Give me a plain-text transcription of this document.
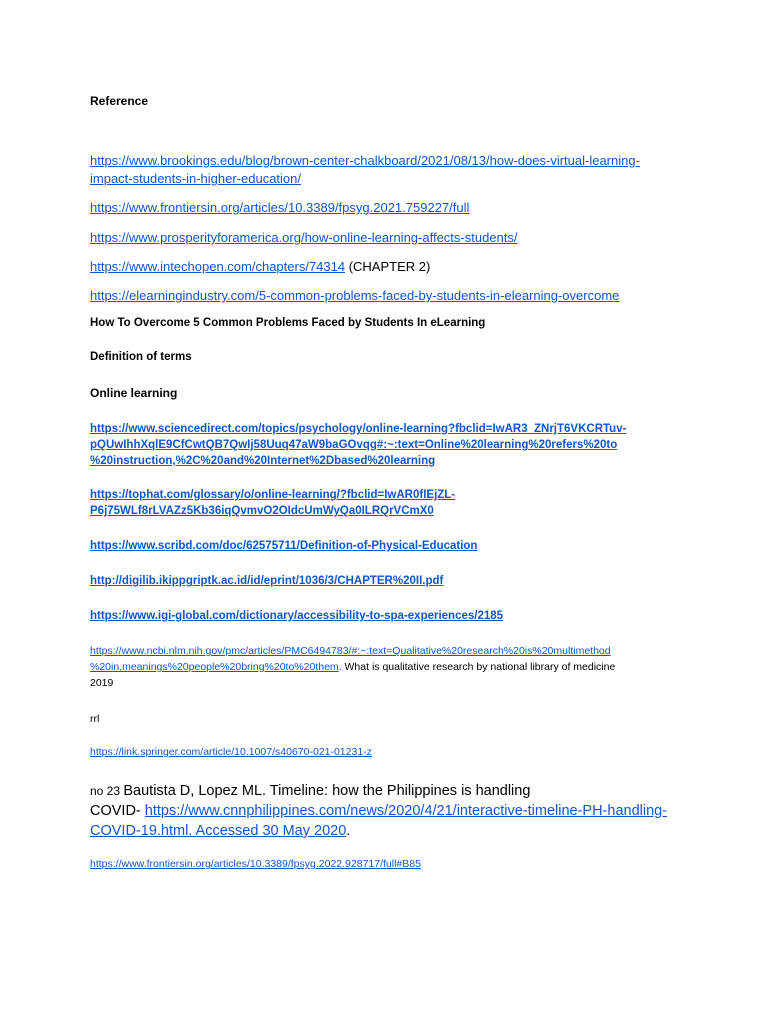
Reference
https://www.brookings.edu/blog/brown-center-chalkboard/2021/08/13/how-does-virtual-learning-
impact-students-in-higher-education/
https://www.frontiersin.org/articles/10.3389/fpsyg.2021.759227/full
https://www.prosperityforamerica.org/how-online-learning-affects-students/
https://www.intechopen.com/chapters/74314 (CHAPTER 2)
https://elearningindustry.com/5-common-problems-faced-by-students-in-elearning-overcome
How To Overcome 5 Common Problems Faced by Students In eLearning
Definition of terms
Online learning
https://www.sciencedirect.com/topics/psychology/online-learning?fbclid=IwAR3_ZNrjT6VKCRTuv-
pQUwIhhXqlE9CfCwtQB7QwIj58Uuq47aW9baGOvqg#:~:text=Online%20learning%20refers%20to
%20instruction,%2C%20and%20Internet%2Dbased%20learning
https://tophat.com/glossary/o/online-learning/?fbclid=IwAR0fIEjZL-
P6j75WLf8rLVAZz5Kb36iqQvmvO2OIdcUmWyQa0ILRQrVCmX0
https://www.scribd.com/doc/62575711/Definition-of-Physical-Education
http://digilib.ikippgriptk.ac.id/id/eprint/1036/3/CHAPTER%20II.pdf
https://www.igi-global.com/dictionary/accessibility-to-spa-experiences/2185
https://www.ncbi.nlm.nih.gov/pmc/articles/PMC6494783/#:~:text=Qualitative%20research%20is%20multimethod
%20in,meanings%20people%20bring%20to%20them. What is qualitative research by national library of medicine
2019
rrl
https://link.springer.com/article/10.1007/s40670-021-01231-z
no 23 Bautista D, Lopez ML. Timeline: how the Philippines is handling
COVID- https://www.cnnphilippines.com/news/2020/4/21/interactive-timeline-PH-handling-
COVID-19.html. Accessed 30 May 2020.
https://www.frontiersin.org/articles/10.3389/fpsyg.2022.928717/full#B85
